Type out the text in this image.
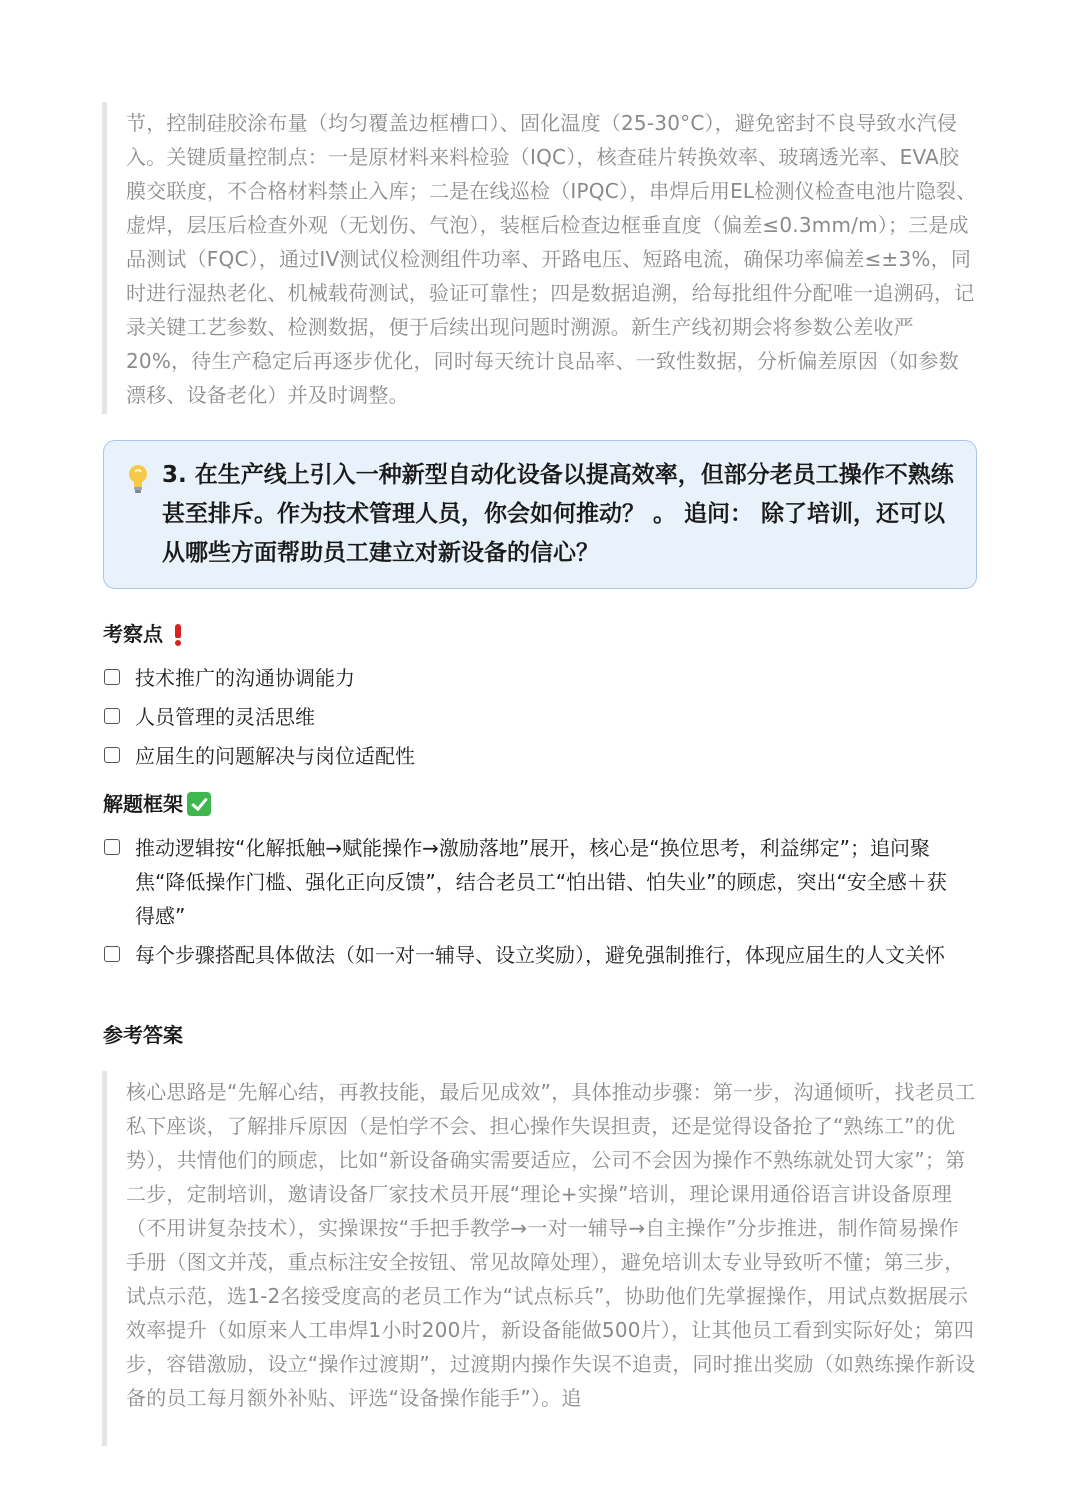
节，控制硅胶涂布量（均匀覆盖边框槽口）、固化温度（25-30°C），避免密封不良导致水汽侵入。关键质量控制点：一是原材料来料检验（IQC），核查硅片转换效率、玻璃透光率、EVA胶膜交联度，不合格材料禁止入库；二是在线巡检（IPQC），串焊后用EL检测仪检查电池片隐裂、虚焊，层压后检查外观（无划伤、气泡），装框后检查边框垂直度（偏差≤0.3mm/m）；三是成品测试（FQC），通过IV测试仪检测组件功率、开路电压、短路电流，确保功率偏差≤±3%，同时进行湿热老化、机械载荷测试，验证可靠性；四是数据追溯，给每批组件分配唯一追溯码，记录关键工艺参数、检测数据，便于后续出现问题时溯源。新生产线初期会将参数公差收严20%，待生产稳定后再逐步优化，同时每天统计良品率、一致性数据，分析偏差原因（如参数漂移、设备老化）并及时调整。
3. 在生产线上引入一种新型自动化设备以提高效率，但部分老员工操作不熟练甚至排斥。作为技术管理人员，你会如何推动？ 。 追问： 除了培训，还可以从哪些方面帮助员工建立对新设备的信心？
考察点
技术推广的沟通协调能力
人员管理的灵活思维
应届生的问题解决与岗位适配性
解题框架
推动逻辑按“化解抵触→赋能操作→激励落地”展开，核心是“换位思考，利益绑定”；追问聚焦“降低操作门槛、强化正向反馈”，结合老员工“怕出错、怕失业”的顾虑，突出“安全感＋获得感”
每个步骤搭配具体做法（如一对一辅导、设立奖励），避免强制推行，体现应届生的人文关怀
参考答案
核心思路是“先解心结，再教技能，最后见成效”，具体推动步骤：第一步，沟通倾听，找老员工私下座谈，了解排斥原因（是怕学不会、担心操作失误担责，还是觉得设备抢了“熟练工”的优势），共情他们的顾虑，比如“新设备确实需要适应，公司不会因为操作不熟练就处罚大家”；第二步，定制培训，邀请设备厂家技术员开展“理论+实操”培训，理论课用通俗语言讲设备原理（不用讲复杂技术），实操课按“手把手教学→一对一辅导→自主操作”分步推进，制作简易操作手册（图文并茂，重点标注安全按钮、常见故障处理），避免培训太专业导致听不懂；第三步，试点示范，选1-2名接受度高的老员工作为“试点标兵”，协助他们先掌握操作，用试点数据展示效率提升（如原来人工串焊1小时200片，新设备能做500片），让其他员工看到实际好处；第四步，容错激励，设立“操作过渡期”，过渡期内操作失误不追责，同时推出奖励（如熟练操作新设备的员工每月额外补贴、评选“设备操作能手”）。追
